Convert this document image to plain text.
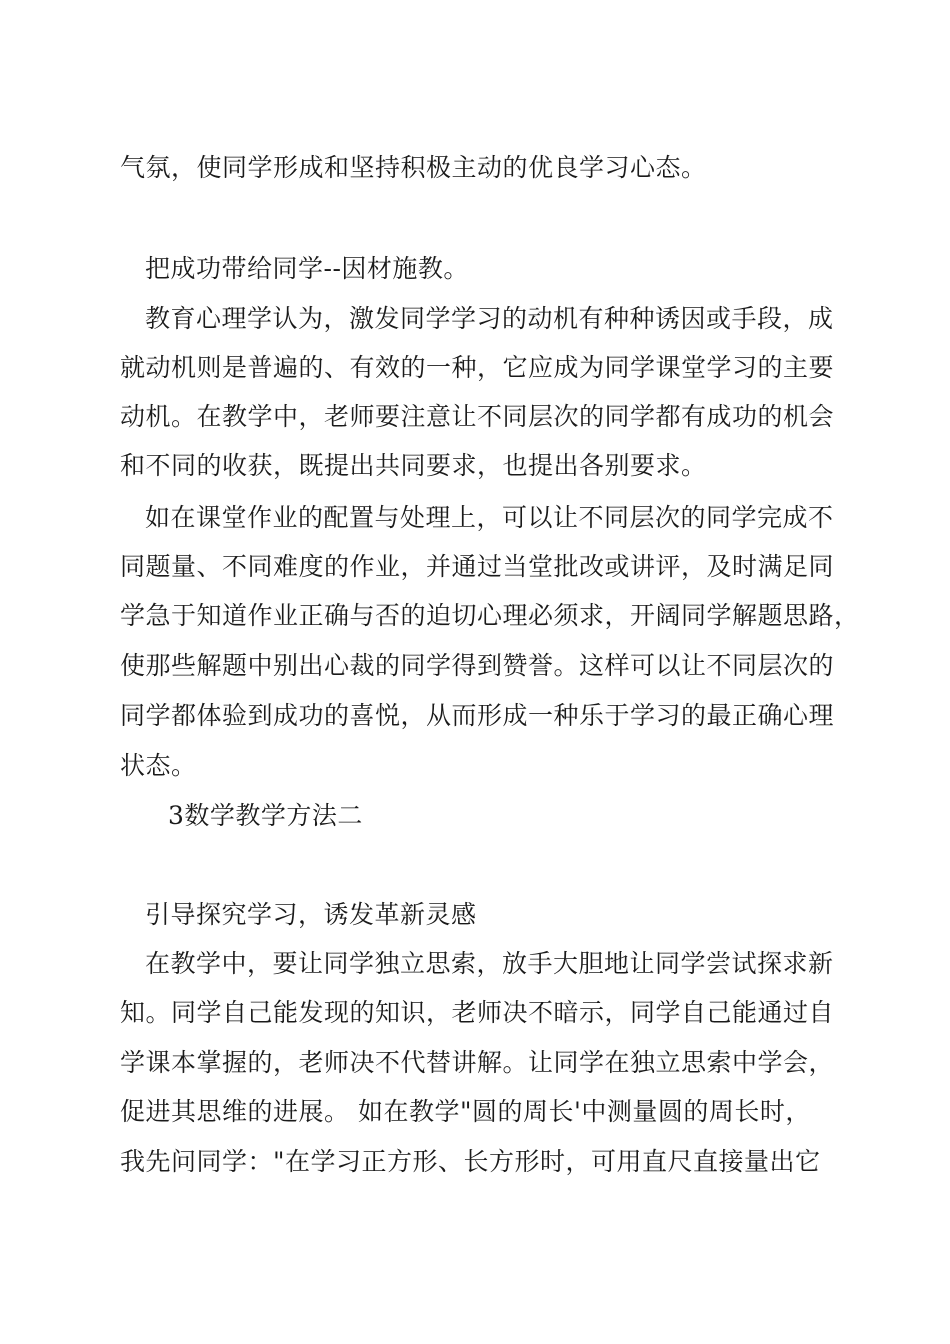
气氛，使同学形成和坚持积极主动的优良学习心态。

把成功带给同学--因材施教。

教育心理学认为，激发同学学习的动机有种种诱因或手段，成

就动机则是普遍的、有效的一种，它应成为同学课堂学习的主要

动机。在教学中，老师要注意让不同层次的同学都有成功的机会

和不同的收获，既提出共同要求，也提出各别要求。

如在课堂作业的配置与处理上，可以让不同层次的同学完成不

同题量、不同难度的作业，并通过当堂批改或讲评，及时满足同

学急于知道作业正确与否的迫切心理必须求，开阔同学解题思路，

使那些解题中别出心裁的同学得到赞誉。这样可以让不同层次的

同学都体验到成功的喜悦，从而形成一种乐于学习的最正确心理

状态。

3数学教学方法二

引导探究学习，诱发革新灵感

在教学中，要让同学独立思索，放手大胆地让同学尝试探求新

知。同学自己能发现的知识，老师决不暗示，同学自己能通过自

学课本掌握的，老师决不代替讲解。让同学在独立思索中学会，

促进其思维的进展。 如在教学"圆的周长'中测量圆的周长时，

我先问同学："在学习正方形、长方形时，可用直尺直接量出它
